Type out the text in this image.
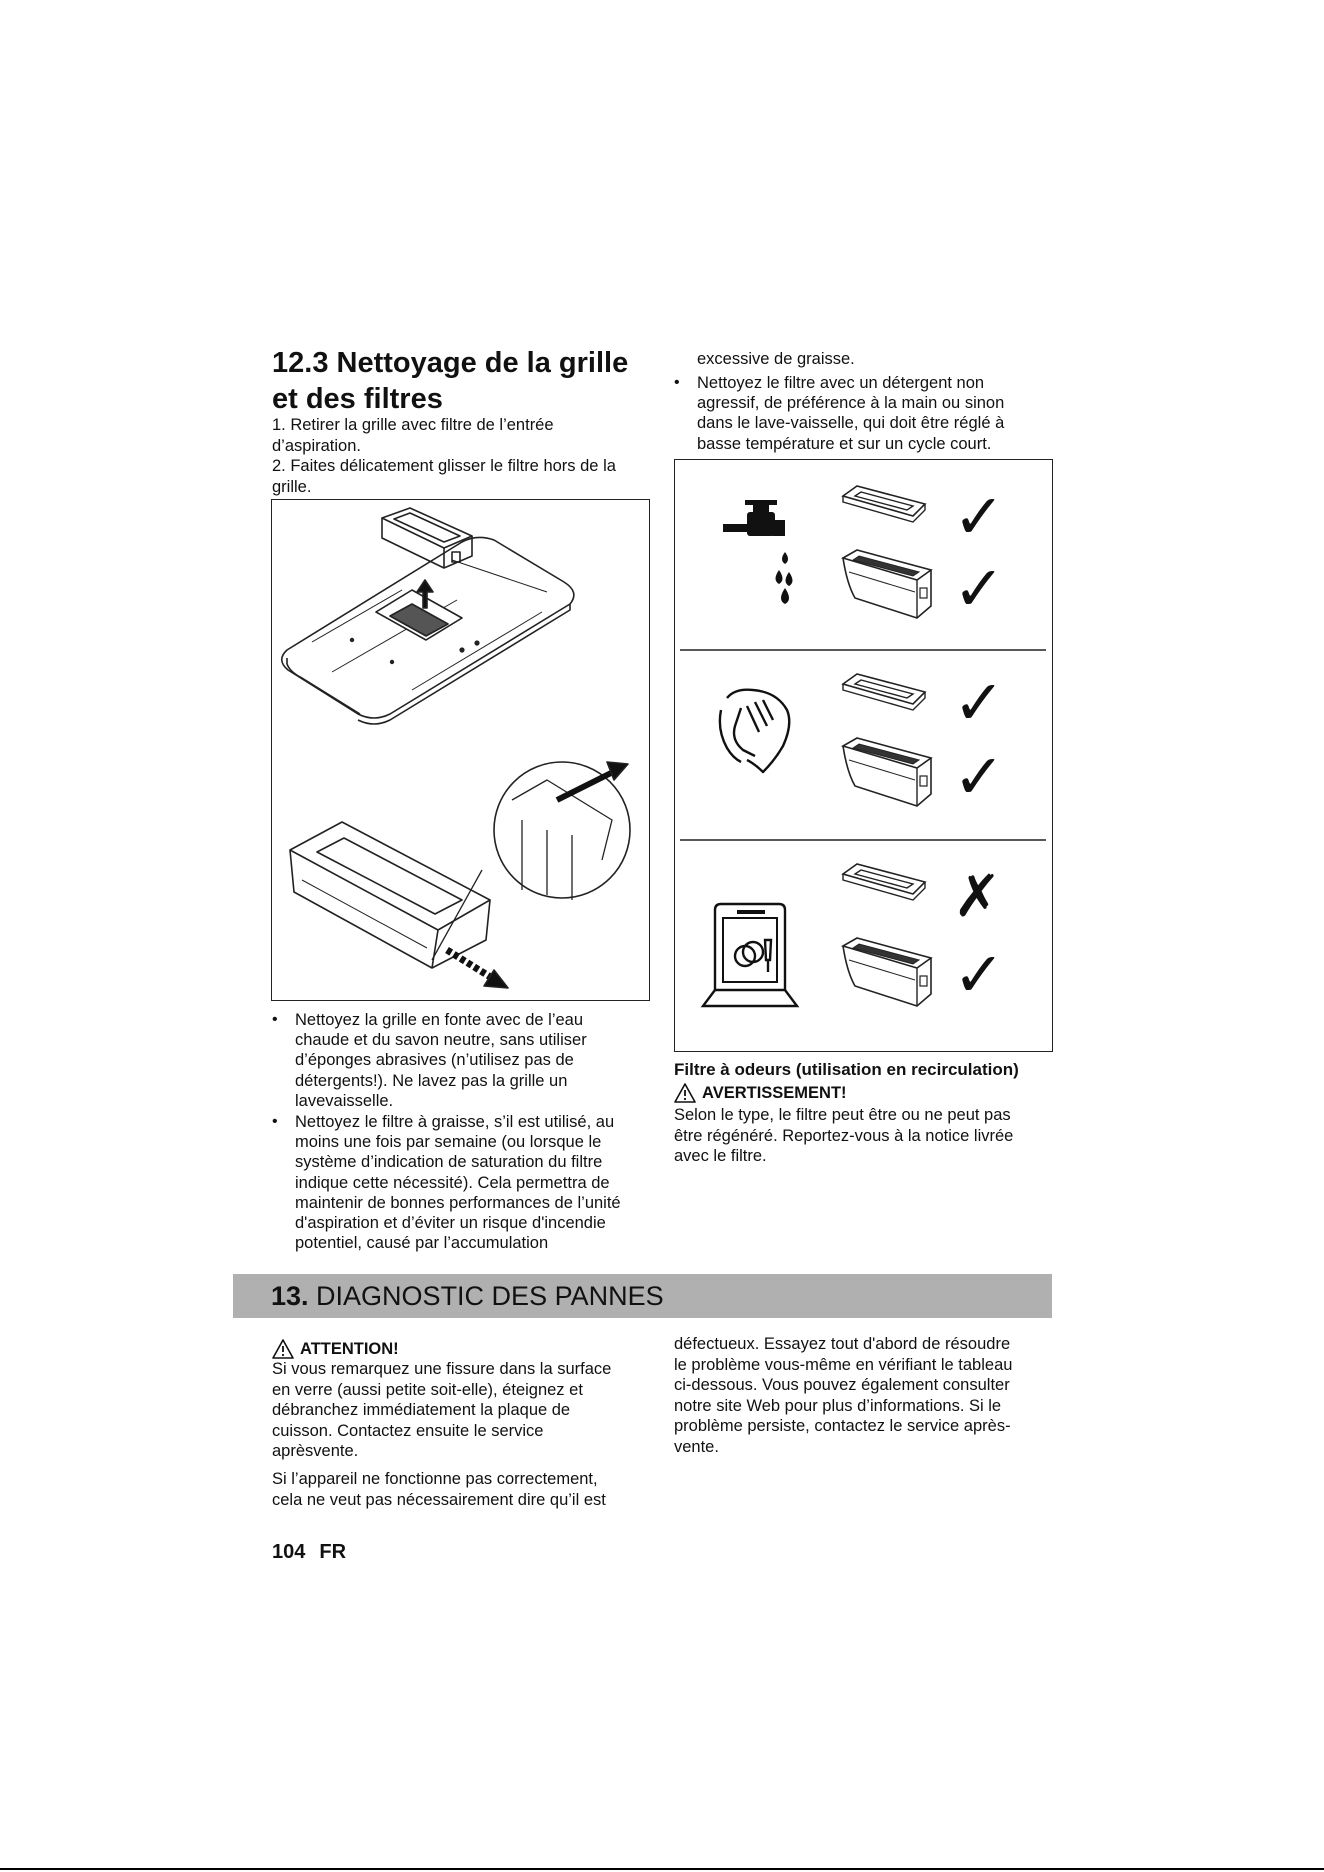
12.3 Nettoyage de la grille
et des filtres

1. Retirer la grille avec filtre de l’entrée

d’aspiration.

2. Faites délicatement glisser le filtre hors de la

grille.

• Nettoyez la grille en fonte avec de l’eau
chaude et du savon neutre, sans utiliser
d’éponges abrasives (n’utilisez pas de
détergents!). Ne lavez pas la grille un
lavevaisselle.
• Nettoyez le filtre à graisse, s’il est utilisé, au
moins une fois par semaine (ou lorsque le
système d’indication de saturation du filtre
indique cette nécessité). Cela permettra de
maintenir de bonnes performances de l’unité
d'aspiration et d’éviter un risque d'incendie
potentiel, causé par l’accumulation

excessive de graisse.

• Nettoyez le filtre avec un détergent non
agressif, de préférence à la main ou sinon
dans le lave-vaisselle, qui doit être réglé à
basse température et sur un cycle court.
✓
✓
✓
✓
✗
✓
Filtre à odeurs (utilisation en recirculation)
AVERTISSEMENT!

Selon le type, le filtre peut être ou ne peut pas

être régénéré. Reportez-vous à la notice livrée

avec le filtre.

13. DIAGNOSTIC DES PANNES
ATTENTION!

Si vous remarquez une fissure dans la surface

en verre (aussi petite soit-elle), éteignez et

débranchez immédiatement la plaque de

cuisson. Contactez ensuite le service

aprèsvente.

Si l’appareil ne fonctionne pas correctement,

cela ne veut pas nécessairement dire qu’il est

défectueux. Essayez tout d'abord de résoudre

le problème vous-même en vérifiant le tableau

ci-dessous. Vous pouvez également consulter

notre site Web pour plus d’informations. Si le

problème persiste, contactez le service après-

vente.

104 FR
